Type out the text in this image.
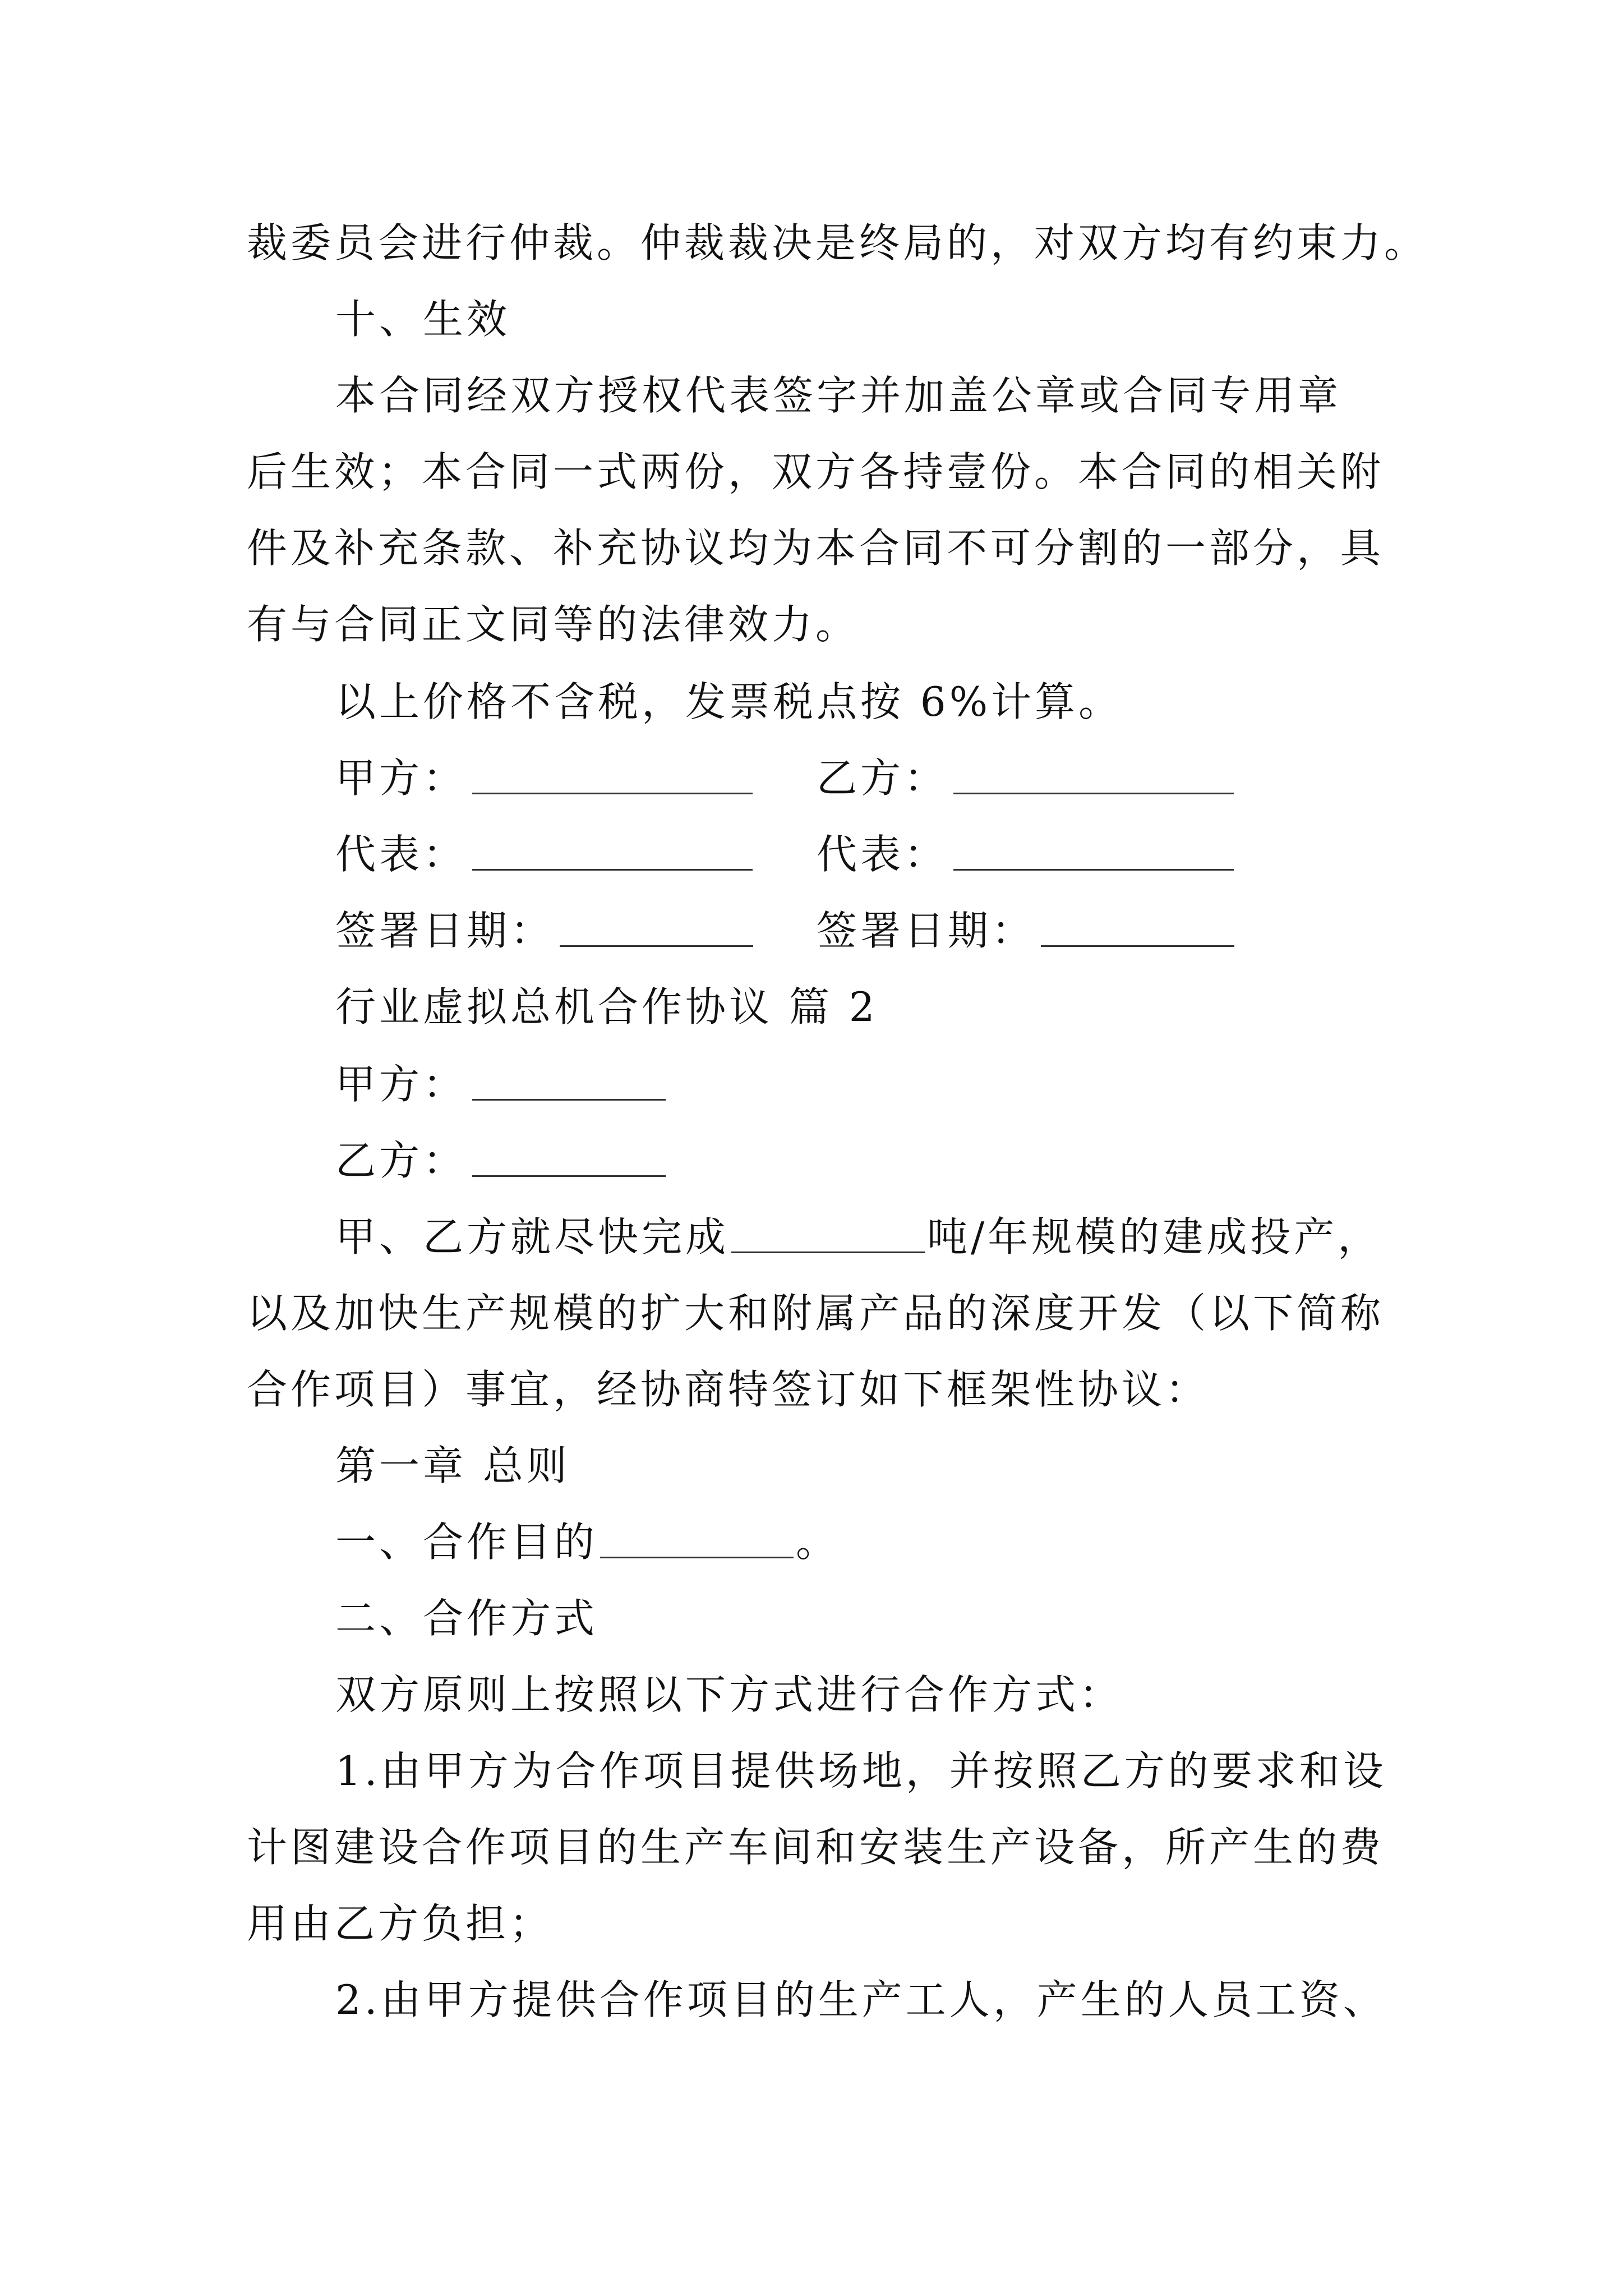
裁委员会进行仲裁。仲裁裁决是终局的，对双方均有约束力。
十、生效
本合同经双方授权代表签字并加盖公章或合同专用章
后生效；本合同一式两份，双方各持壹份。本合同的相关附
件及补充条款、补充协议均为本合同不可分割的一部分，具
有与合同正文同等的法律效力。
以上价格不含税，发票税点按 6%计算。
甲方：	乙方：
代表：	代表：
签署日期：	签署日期：
行业虚拟总机合作协议 篇 2
甲方：
乙方：
甲、乙方就尽快完成	吨/年规模的建成投产，
以及加快生产规模的扩大和附属产品的深度开发（以下简称
合作项目）事宜，经协商特签订如下框架性协议：
第一章 总则
一、合作目的	。
二、合作方式
双方原则上按照以下方式进行合作方式：
1.由甲方为合作项目提供场地，并按照乙方的要求和设
计图建设合作项目的生产车间和安装生产设备，所产生的费
用由乙方负担；
2.由甲方提供合作项目的生产工人，产生的人员工资、
